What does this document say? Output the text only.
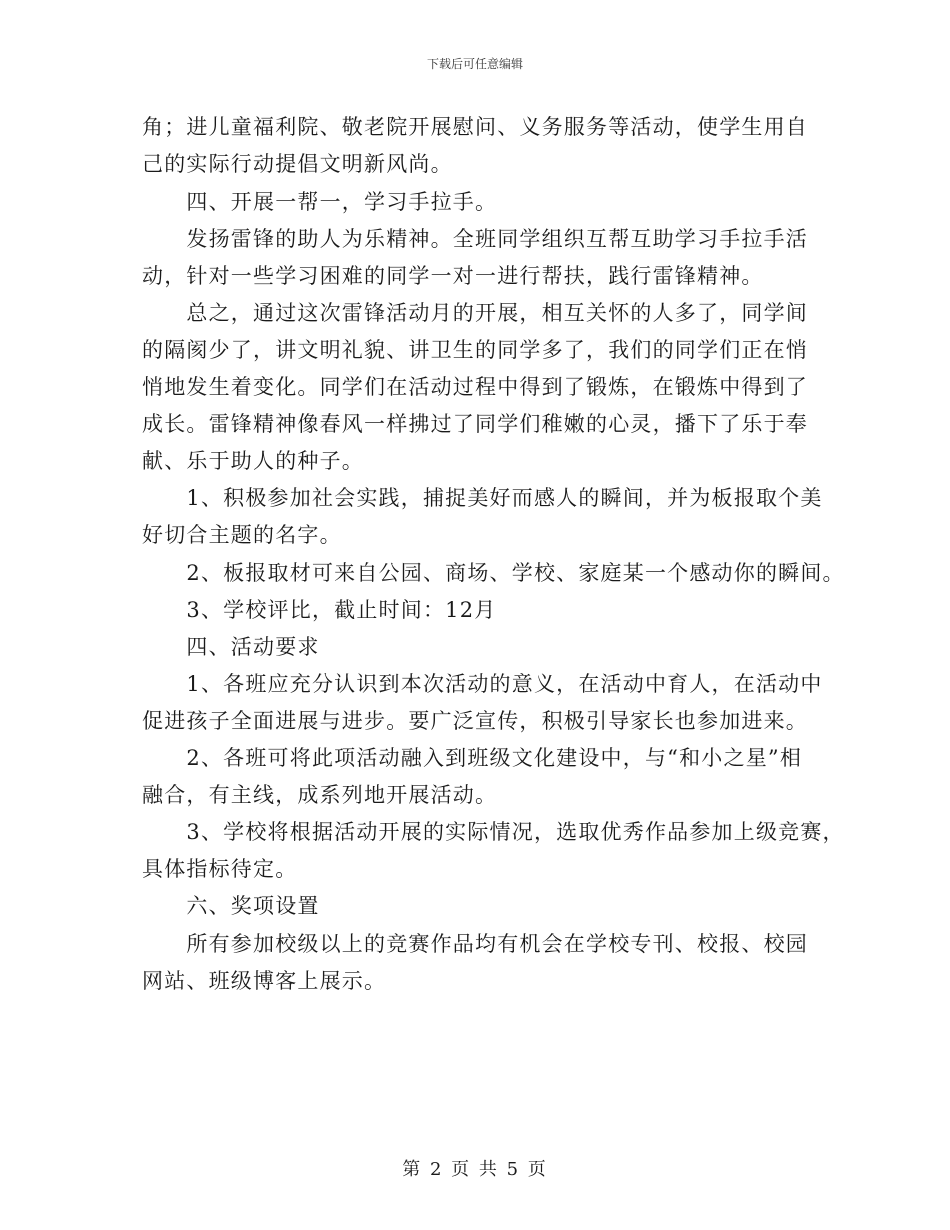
下载后可任意编辑
角；进儿童福利院、敬老院开展慰问、义务服务等活动，使学生用自
己的实际行动提倡文明新风尚。
　　四、开展一帮一，学习手拉手。
　　发扬雷锋的助人为乐精神。全班同学组织互帮互助学习手拉手活
动，针对一些学习困难的同学一对一进行帮扶，践行雷锋精神。
　　总之，通过这次雷锋活动月的开展，相互关怀的人多了，同学间
的隔阂少了，讲文明礼貌、讲卫生的同学多了，我们的同学们正在悄
悄地发生着变化。同学们在活动过程中得到了锻炼，在锻炼中得到了
成长。雷锋精神像春风一样拂过了同学们稚嫩的心灵，播下了乐于奉
献、乐于助人的种子。
　　1、积极参加社会实践，捕捉美好而感人的瞬间，并为板报取个美
好切合主题的名字。
　　2、板报取材可来自公园、商场、学校、家庭某一个感动你的瞬间。
　　3、学校评比，截止时间：12月
　　四、活动要求
　　1、各班应充分认识到本次活动的意义，在活动中育人，在活动中
促进孩子全面进展与进步。要广泛宣传，积极引导家长也参加进来。
　　2、各班可将此项活动融入到班级文化建设中，与“和小之星”相
融合，有主线，成系列地开展活动。
　　3、学校将根据活动开展的实际情况，选取优秀作品参加上级竞赛，
具体指标待定。
　　六、奖项设置
　　所有参加校级以上的竞赛作品均有机会在学校专刊、校报、校园
网站、班级博客上展示。
第 2 页 共 5 页
